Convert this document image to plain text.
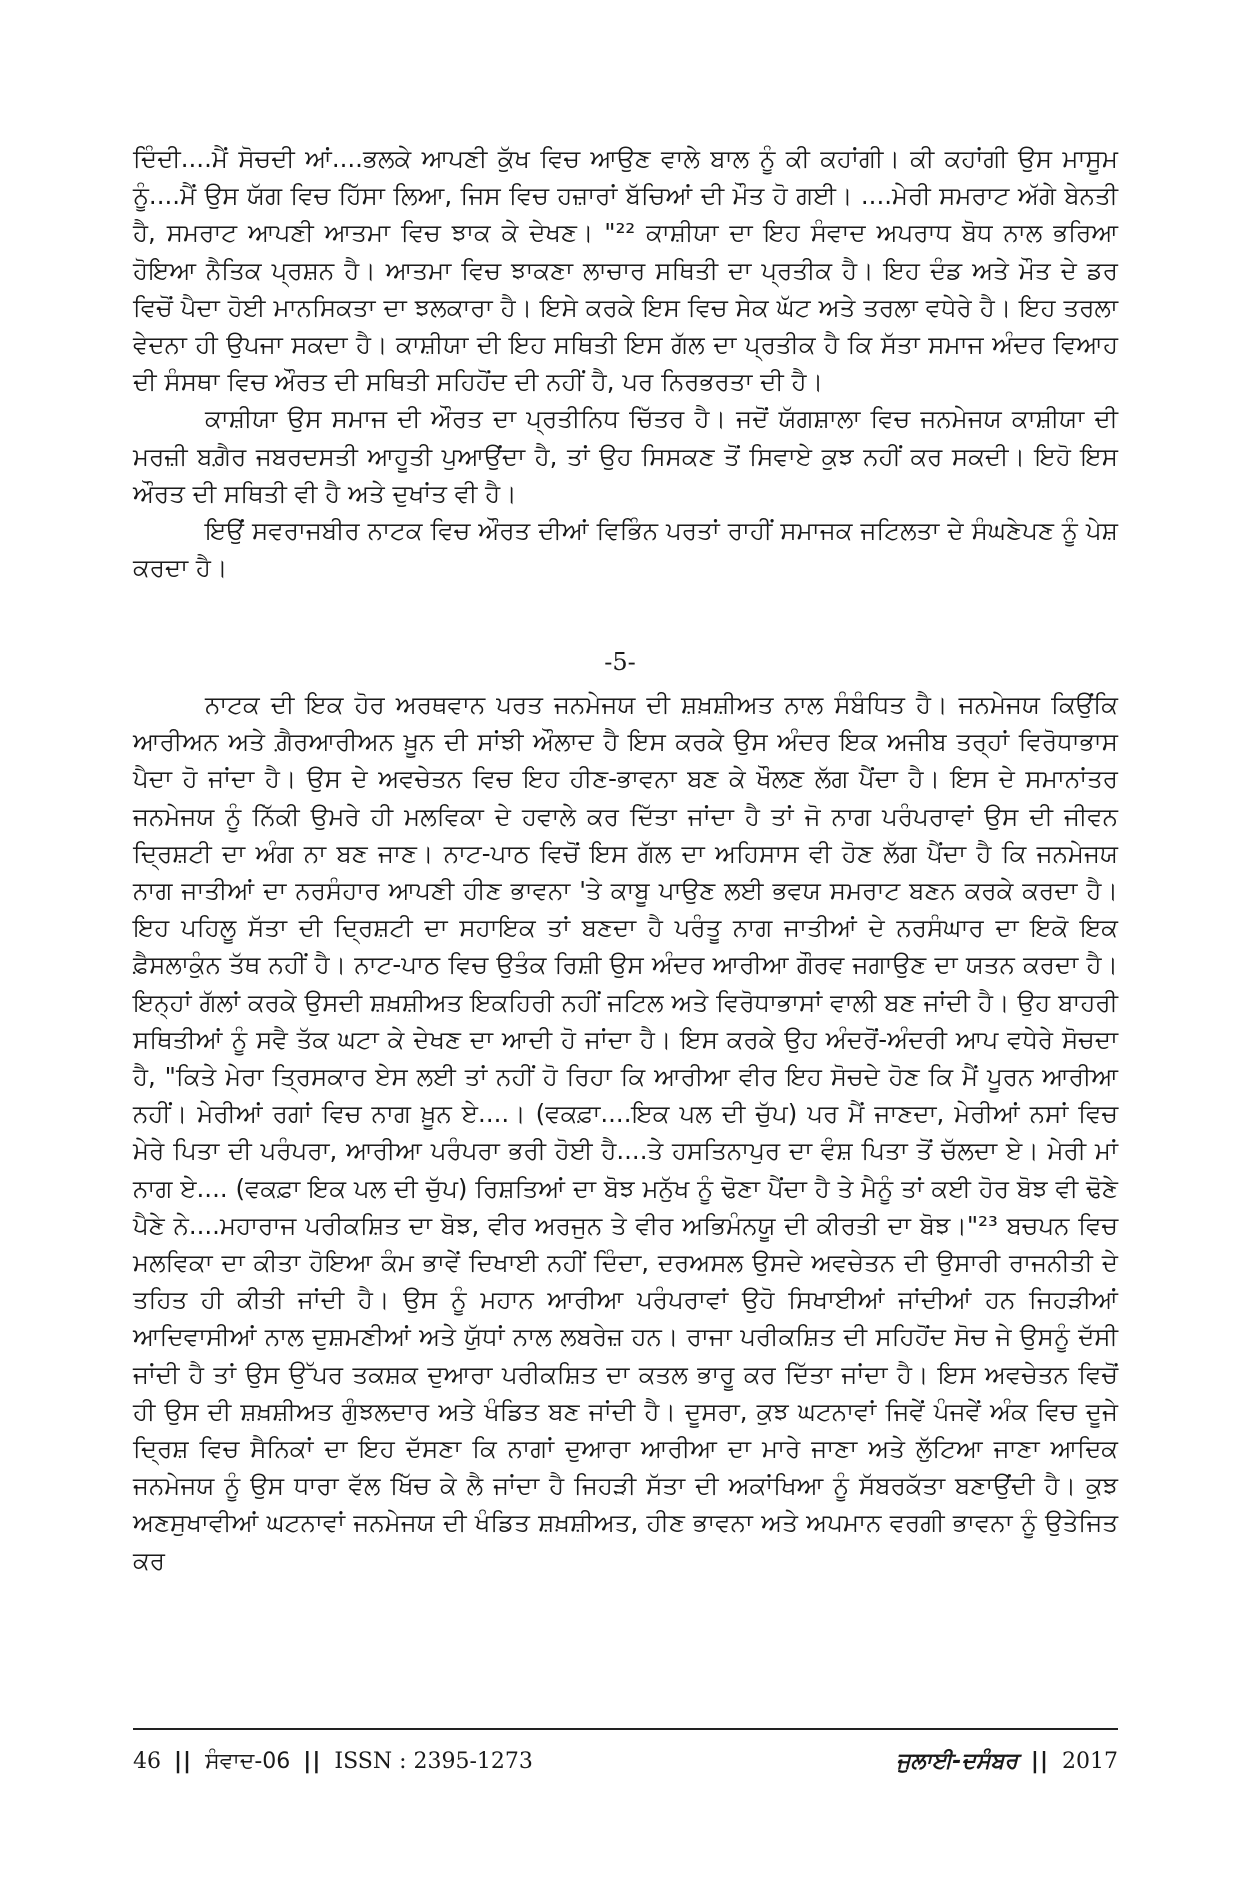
ਦਿੰਦੀ....ਮੈਂ ਸੋਚਦੀ ਆਂ....ਭਲਕੇ ਆਪਣੀ ਕੁੱਖ ਵਿਚ ਆਉਣ ਵਾਲੇ ਬਾਲ ਨੂੰ ਕੀ ਕਹਾਂਗੀ। ਕੀ ਕਹਾਂਗੀ ਉਸ ਮਾਸੂਮ ਨੂੰ....ਮੈਂ ਉਸ ਯੱਗ ਵਿਚ ਹਿੱਸਾ ਲਿਆ, ਜਿਸ ਵਿਚ ਹਜ਼ਾਰਾਂ ਬੱਚਿਆਂ ਦੀ ਮੌਤ ਹੋ ਗਈ। ....ਮੇਰੀ ਸਮਰਾਟ ਅੱਗੇ ਬੇਨਤੀ ਹੈ, ਸਮਰਾਟ ਆਪਣੀ ਆਤਮਾ ਵਿਚ ਝਾਕ ਕੇ ਦੇਖਣ। "²² ਕਾਸ਼ੀਯਾ ਦਾ ਇਹ ਸੰਵਾਦ ਅਪਰਾਧ ਬੋਧ ਨਾਲ ਭਰਿਆ ਹੋਇਆ ਨੈਤਿਕ ਪ੍ਰਸ਼ਨ ਹੈ। ਆਤਮਾ ਵਿਚ ਝਾਕਣਾ ਲਾਚਾਰ ਸਥਿਤੀ ਦਾ ਪ੍ਰਤੀਕ ਹੈ। ਇਹ ਦੰਡ ਅਤੇ ਮੌਤ ਦੇ ਡਰ ਵਿਚੋਂ ਪੈਦਾ ਹੋਈ ਮਾਨਸਿਕਤਾ ਦਾ ਝਲਕਾਰਾ ਹੈ। ਇਸੇ ਕਰਕੇ ਇਸ ਵਿਚ ਸੇਕ ਘੱਟ ਅਤੇ ਤਰਲਾ ਵਧੇਰੇ ਹੈ। ਇਹ ਤਰਲਾ ਵੇਦਨਾ ਹੀ ਉਪਜਾ ਸਕਦਾ ਹੈ। ਕਾਸ਼ੀਯਾ ਦੀ ਇਹ ਸਥਿਤੀ ਇਸ ਗੱਲ ਦਾ ਪ੍ਰਤੀਕ ਹੈ ਕਿ ਸੱਤਾ ਸਮਾਜ ਅੰਦਰ ਵਿਆਹ ਦੀ ਸੰਸਥਾ ਵਿਚ ਔਰਤ ਦੀ ਸਥਿਤੀ ਸਹਿਹੋਂਦ ਦੀ ਨਹੀਂ ਹੈ, ਪਰ ਨਿਰਭਰਤਾ ਦੀ ਹੈ।

ਕਾਸ਼ੀਯਾ ਉਸ ਸਮਾਜ ਦੀ ਔਰਤ ਦਾ ਪ੍ਰਤੀਨਿਧ ਚਿੱਤਰ ਹੈ। ਜਦੋਂ ਯੱਗਸ਼ਾਲਾ ਵਿਚ ਜਨਮੇਜਯ ਕਾਸ਼ੀਯਾ ਦੀ ਮਰਜ਼ੀ ਬਗ਼ੈਰ ਜਬਰਦਸਤੀ ਆਹੂਤੀ ਪੁਆਉਂਦਾ ਹੈ, ਤਾਂ ਉਹ ਸਿਸਕਣ ਤੋਂ ਸਿਵਾਏ ਕੁਝ ਨਹੀਂ ਕਰ ਸਕਦੀ। ਇਹੋ ਇਸ ਔਰਤ ਦੀ ਸਥਿਤੀ ਵੀ ਹੈ ਅਤੇ ਦੁਖਾਂਤ ਵੀ ਹੈ।

ਇਉਂ ਸਵਰਾਜਬੀਰ ਨਾਟਕ ਵਿਚ ਔਰਤ ਦੀਆਂ ਵਿਭਿੰਨ ਪਰਤਾਂ ਰਾਹੀਂ ਸਮਾਜਕ ਜਟਿਲਤਾ ਦੇ ਸੰਘਣੇਪਣ ਨੂੰ ਪੇਸ਼ ਕਰਦਾ ਹੈ।

-5-

ਨਾਟਕ ਦੀ ਇਕ ਹੋਰ ਅਰਥਵਾਨ ਪਰਤ ਜਨਮੇਜਯ ਦੀ ਸ਼ਖ਼ਸ਼ੀਅਤ ਨਾਲ ਸੰਬੰਧਿਤ ਹੈ। ਜਨਮੇਜਯ ਕਿਉਂਕਿ ਆਰੀਅਨ ਅਤੇ ਗ਼ੈਰਆਰੀਅਨ ਖ਼ੂਨ ਦੀ ਸਾਂਝੀ ਔਲਾਦ ਹੈ ਇਸ ਕਰਕੇ ਉਸ ਅੰਦਰ ਇਕ ਅਜੀਬ ਤਰ੍ਹਾਂ ਵਿਰੋਧਾਭਾਸ ਪੈਦਾ ਹੋ ਜਾਂਦਾ ਹੈ। ਉਸ ਦੇ ਅਵਚੇਤਨ ਵਿਚ ਇਹ ਹੀਣ-ਭਾਵਨਾ ਬਣ ਕੇ ਖੌਲਣ ਲੱਗ ਪੈਂਦਾ ਹੈ। ਇਸ ਦੇ ਸਮਾਨਾਂਤਰ ਜਨਮੇਜਯ ਨੂੰ ਨਿੱਕੀ ਉਮਰੇ ਹੀ ਮਲਵਿਕਾ ਦੇ ਹਵਾਲੇ ਕਰ ਦਿੱਤਾ ਜਾਂਦਾ ਹੈ ਤਾਂ ਜੋ ਨਾਗ ਪਰੰਪਰਾਵਾਂ ਉਸ ਦੀ ਜੀਵਨ ਦ੍ਰਿਸ਼ਟੀ ਦਾ ਅੰਗ ਨਾ ਬਣ ਜਾਣ। ਨਾਟ-ਪਾਠ ਵਿਚੋਂ ਇਸ ਗੱਲ ਦਾ ਅਹਿਸਾਸ ਵੀ ਹੋਣ ਲੱਗ ਪੈਂਦਾ ਹੈ ਕਿ ਜਨਮੇਜਯ ਨਾਗ ਜਾਤੀਆਂ ਦਾ ਨਰਸੰਹਾਰ ਆਪਣੀ ਹੀਣ ਭਾਵਨਾ 'ਤੇ ਕਾਬੂ ਪਾਉਣ ਲਈ ਭਵਯ ਸਮਰਾਟ ਬਣਨ ਕਰਕੇ ਕਰਦਾ ਹੈ। ਇਹ ਪਹਿਲੂ ਸੱਤਾ ਦੀ ਦ੍ਰਿਸ਼ਟੀ ਦਾ ਸਹਾਇਕ ਤਾਂ ਬਣਦਾ ਹੈ ਪਰੰਤੂ ਨਾਗ ਜਾਤੀਆਂ ਦੇ ਨਰਸੰਘਾਰ ਦਾ ਇਕੋ ਇਕ ਫ਼ੈਸਲਾਕੁੰਨ ਤੱਥ ਨਹੀਂ ਹੈ। ਨਾਟ-ਪਾਠ ਵਿਚ ਉਤੰਕ ਰਿਸ਼ੀ ਉਸ ਅੰਦਰ ਆਰੀਆ ਗੌਰਵ ਜਗਾਉਣ ਦਾ ਯਤਨ ਕਰਦਾ ਹੈ। ਇਨ੍ਹਾਂ ਗੱਲਾਂ ਕਰਕੇ ਉਸਦੀ ਸ਼ਖ਼ਸ਼ੀਅਤ ਇਕਹਿਰੀ ਨਹੀਂ ਜਟਿਲ ਅਤੇ ਵਿਰੋਧਾਭਾਸਾਂ ਵਾਲੀ ਬਣ ਜਾਂਦੀ ਹੈ। ਉਹ ਬਾਹਰੀ ਸਥਿਤੀਆਂ ਨੂੰ ਸਵੈ ਤੱਕ ਘਟਾ ਕੇ ਦੇਖਣ ਦਾ ਆਦੀ ਹੋ ਜਾਂਦਾ ਹੈ। ਇਸ ਕਰਕੇ ਉਹ ਅੰਦਰੋਂ-ਅੰਦਰੀ ਆਪ ਵਧੇਰੇ ਸੋਚਦਾ ਹੈ, "ਕਿਤੇ ਮੇਰਾ ਤ੍ਰਿਸਕਾਰ ਏਸ ਲਈ ਤਾਂ ਨਹੀਂ ਹੋ ਰਿਹਾ ਕਿ ਆਰੀਆ ਵੀਰ ਇਹ ਸੋਚਦੇ ਹੋਣ ਕਿ ਮੈਂ ਪੂਰਨ ਆਰੀਆ ਨਹੀਂ। ਮੇਰੀਆਂ ਰਗਾਂ ਵਿਚ ਨਾਗ ਖ਼ੂਨ ਏ....। (ਵਕਫ਼ਾ....ਇਕ ਪਲ ਦੀ ਚੁੱਪ) ਪਰ ਮੈਂ ਜਾਣਦਾ, ਮੇਰੀਆਂ ਨਸਾਂ ਵਿਚ ਮੇਰੇ ਪਿਤਾ ਦੀ ਪਰੰਪਰਾ, ਆਰੀਆ ਪਰੰਪਰਾ ਭਰੀ ਹੋਈ ਹੈ....ਤੇ ਹਸਤਿਨਾਪੁਰ ਦਾ ਵੰਸ਼ ਪਿਤਾ ਤੋਂ ਚੱਲਦਾ ਏ। ਮੇਰੀ ਮਾਂ ਨਾਗ ਏ.... (ਵਕਫ਼ਾ ਇਕ ਪਲ ਦੀ ਚੁੱਪ) ਰਿਸ਼ਤਿਆਂ ਦਾ ਬੋਝ ਮਨੁੱਖ ਨੂੰ ਢੋਣਾ ਪੈਂਦਾ ਹੈ ਤੇ ਮੈਨੂੰ ਤਾਂ ਕਈ ਹੋਰ ਬੋਝ ਵੀ ਢੋਣੇ ਪੈਣੇ ਨੇ....ਮਹਾਰਾਜ ਪਰੀਕਸ਼ਿਤ ਦਾ ਬੋਝ, ਵੀਰ ਅਰਜੁਨ ਤੇ ਵੀਰ ਅਭਿਮੰਨਯੂ ਦੀ ਕੀਰਤੀ ਦਾ ਬੋਝ।"²³ ਬਚਪਨ ਵਿਚ ਮਲਵਿਕਾ ਦਾ ਕੀਤਾ ਹੋਇਆ ਕੰਮ ਭਾਵੇਂ ਦਿਖਾਈ ਨਹੀਂ ਦਿੰਦਾ, ਦਰਅਸਲ ਉਸਦੇ ਅਵਚੇਤਨ ਦੀ ਉਸਾਰੀ ਰਾਜਨੀਤੀ ਦੇ ਤਹਿਤ ਹੀ ਕੀਤੀ ਜਾਂਦੀ ਹੈ। ਉਸ ਨੂੰ ਮਹਾਨ ਆਰੀਆ ਪਰੰਪਰਾਵਾਂ ਉਹੋ ਸਿਖਾਈਆਂ ਜਾਂਦੀਆਂ ਹਨ ਜਿਹੜੀਆਂ ਆਦਿਵਾਸੀਆਂ ਨਾਲ ਦੁਸ਼ਮਣੀਆਂ ਅਤੇ ਯੁੱਧਾਂ ਨਾਲ ਲਬਰੇਜ਼ ਹਨ। ਰਾਜਾ ਪਰੀਕਸ਼ਿਤ ਦੀ ਸਹਿਹੋਂਦ ਸੋਚ ਜੇ ਉਸਨੂੰ ਦੱਸੀ ਜਾਂਦੀ ਹੈ ਤਾਂ ਉਸ ਉੱਪਰ ਤਕਸ਼ਕ ਦੁਆਰਾ ਪਰੀਕਸ਼ਿਤ ਦਾ ਕਤਲ ਭਾਰੂ ਕਰ ਦਿੱਤਾ ਜਾਂਦਾ ਹੈ। ਇਸ ਅਵਚੇਤਨ ਵਿਚੋਂ ਹੀ ਉਸ ਦੀ ਸ਼ਖ਼ਸ਼ੀਅਤ ਗੁੰਝਲਦਾਰ ਅਤੇ ਖੰਡਿਤ ਬਣ ਜਾਂਦੀ ਹੈ। ਦੂਸਰਾ, ਕੁਝ ਘਟਨਾਵਾਂ ਜਿਵੇਂ ਪੰਜਵੇਂ ਅੰਕ ਵਿਚ ਦੂਜੇ ਦ੍ਰਿਸ਼ ਵਿਚ ਸੈਨਿਕਾਂ ਦਾ ਇਹ ਦੱਸਣਾ ਕਿ ਨਾਗਾਂ ਦੁਆਰਾ ਆਰੀਆ ਦਾ ਮਾਰੇ ਜਾਣਾ ਅਤੇ ਲੁੱਟਿਆ ਜਾਣਾ ਆਦਿਕ ਜਨਮੇਜਯ ਨੂੰ ਉਸ ਧਾਰਾ ਵੱਲ ਖਿੱਚ ਕੇ ਲੈ ਜਾਂਦਾ ਹੈ ਜਿਹੜੀ ਸੱਤਾ ਦੀ ਅਕਾਂਖਿਆ ਨੂੰ ਸੱਬਰਕੱਤਾ ਬਣਾਉਂਦੀ ਹੈ। ਕੁਝ ਅਣਸੁਖਾਵੀਆਂ ਘਟਨਾਵਾਂ ਜਨਮੇਜਯ ਦੀ ਖੰਡਿਤ ਸ਼ਖ਼ਸ਼ੀਅਤ, ਹੀਣ ਭਾਵਨਾ ਅਤੇ ਅਪਮਾਨ ਵਰਗੀ ਭਾਵਨਾ ਨੂੰ ਉਤੇਜਿਤ ਕਰ

46 || ਸੰਵਾਦ-06 || ISSN : 2395-1273	ਜੁਲਾਈ-ਦਸੰਬਰ || 2017
